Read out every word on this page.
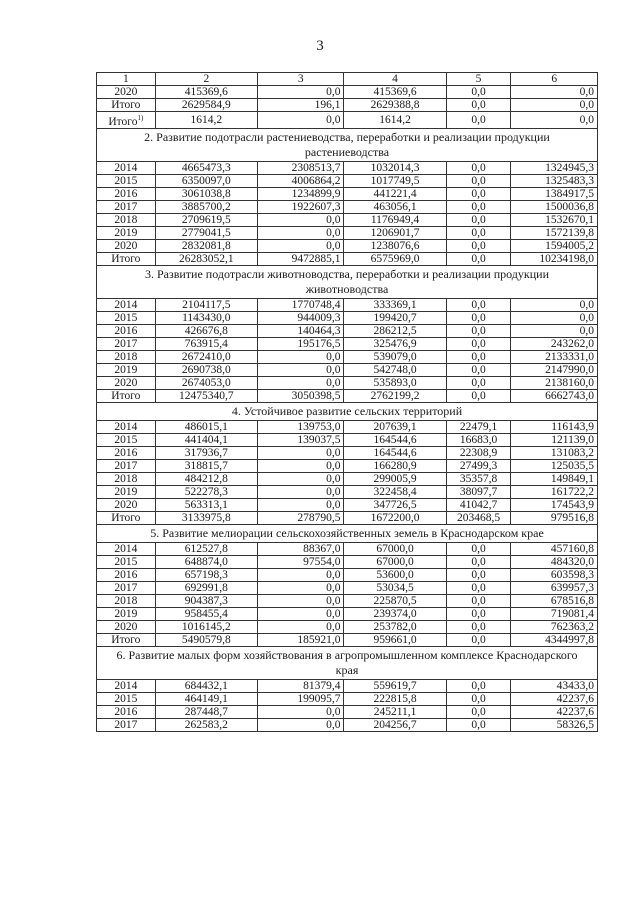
3
1	2	3	4	5	6
2020	415369,6	0,0	415369,6	0,0	0,0
Итого	2629584,9	196,1	2629388,8	0,0	0,0
Итого$^{1)}$	1614,2	0,0	1614,2	0,0	0,0
2. Развитие подотрасли растениеводства, переработки и реализации продукции растениеводства					
2014	4665473,3	2308513,7	1032014,3	0,0	1324945,3
2015	6350097,0	4006864,2	1017749,5	0,0	1325483,3
2016	3061038,8	1234899,9	441221,4	0,0	1384917,5
2017	3885700,2	1922607,3	463056,1	0,0	1500036,8
2018	2709619,5	0,0	1176949,4	0,0	1532670,1
2019	2779041,5	0,0	1206901,7	0,0	1572139,8
2020	2832081,8	0,0	1238076,6	0,0	1594005,2
Итого	26283052,1	9472885,1	6575969,0	0,0	10234198,0
3. Развитие подотрасли животноводства, переработки и реализации продукции животноводства					
2014	2104117,5	1770748,4	333369,1	0,0	0,0
2015	1143430,0	944009,3	199420,7	0,0	0,0
2016	426676,8	140464,3	286212,5	0,0	0,0
2017	763915,4	195176,5	325476,9	0,0	243262,0
2018	2672410,0	0,0	539079,0	0,0	2133331,0
2019	2690738,0	0,0	542748,0	0,0	2147990,0
2020	2674053,0	0,0	535893,0	0,0	2138160,0
Итого	12475340,7	3050398,5	2762199,2	0,0	6662743,0
4. Устойчивое развитие сельских территорий					
2014	486015,1	139753,0	207639,1	22479,1	116143,9
2015	441404,1	139037,5	164544,6	16683,0	121139,0
2016	317936,7	0,0	164544,6	22308,9	131083,2
2017	318815,7	0,0	166280,9	27499,3	125035,5
2018	484212,8	0,0	299005,9	35357,8	149849,1
2019	522278,3	0,0	322458,4	38097,7	161722,2
2020	563313,1	0,0	347726,5	41042,7	174543,9
Итого	3133975,8	278790,5	1672200,0	203468,5	979516,8
5. Развитие мелиорации сельскохозяйственных земель в Краснодарском крае					
2014	612527,8	88367,0	67000,0	0,0	457160,8
2015	648874,0	97554,0	67000,0	0,0	484320,0
2016	657198,3	0,0	53600,0	0,0	603598,3
2017	692991,8	0,0	53034,5	0,0	639957,3
2018	904387,3	0,0	225870,5	0,0	678516,8
2019	958455,4	0,0	239374,0	0,0	719081,4
2020	1016145,2	0,0	253782,0	0,0	762363,2
Итого	5490579,8	185921,0	959661,0	0,0	4344997,8
6. Развитие малых форм хозяйствования в агропромышленном комплексе Краснодарского края					
2014	684432,1	81379,4	559619,7	0,0	43433,0
2015	464149,1	199095,7	222815,8	0,0	42237,6
2016	287448,7	0,0	245211,1	0,0	42237,6
2017	262583,2	0,0	204256,7	0,0	58326,5
